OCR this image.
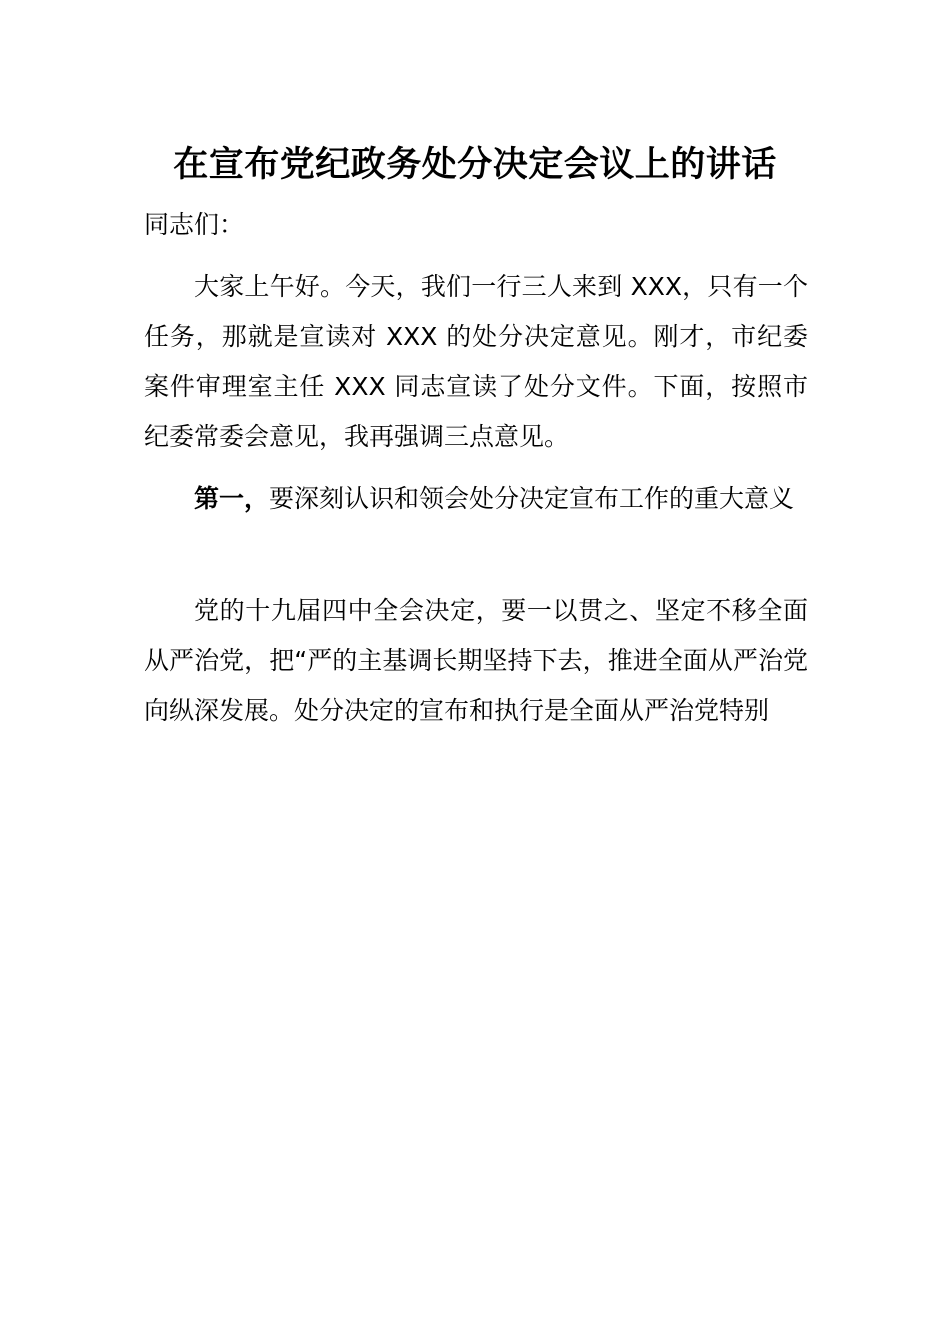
在宣布党纪政务处分决定会议上的讲话
同志们：

大家上午好。今天，我们一行三人来到 XXX，只有一个任务，那就是宣读对 XXX 的处分决定意见。刚才，市纪委案件审理室主任 XXX 同志宣读了处分文件。下面，按照市纪委常委会意见，我再强调三点意见。

第一，要深刻认识和领会处分决定宣布工作的重大意义

党的十九届四中全会决定，要一以贯之、坚定不移全面从严治党，把“严的主基调长期坚持下去，推进全面从严治党向纵深发展。处分决定的宣布和执行是全面从严治党特别
